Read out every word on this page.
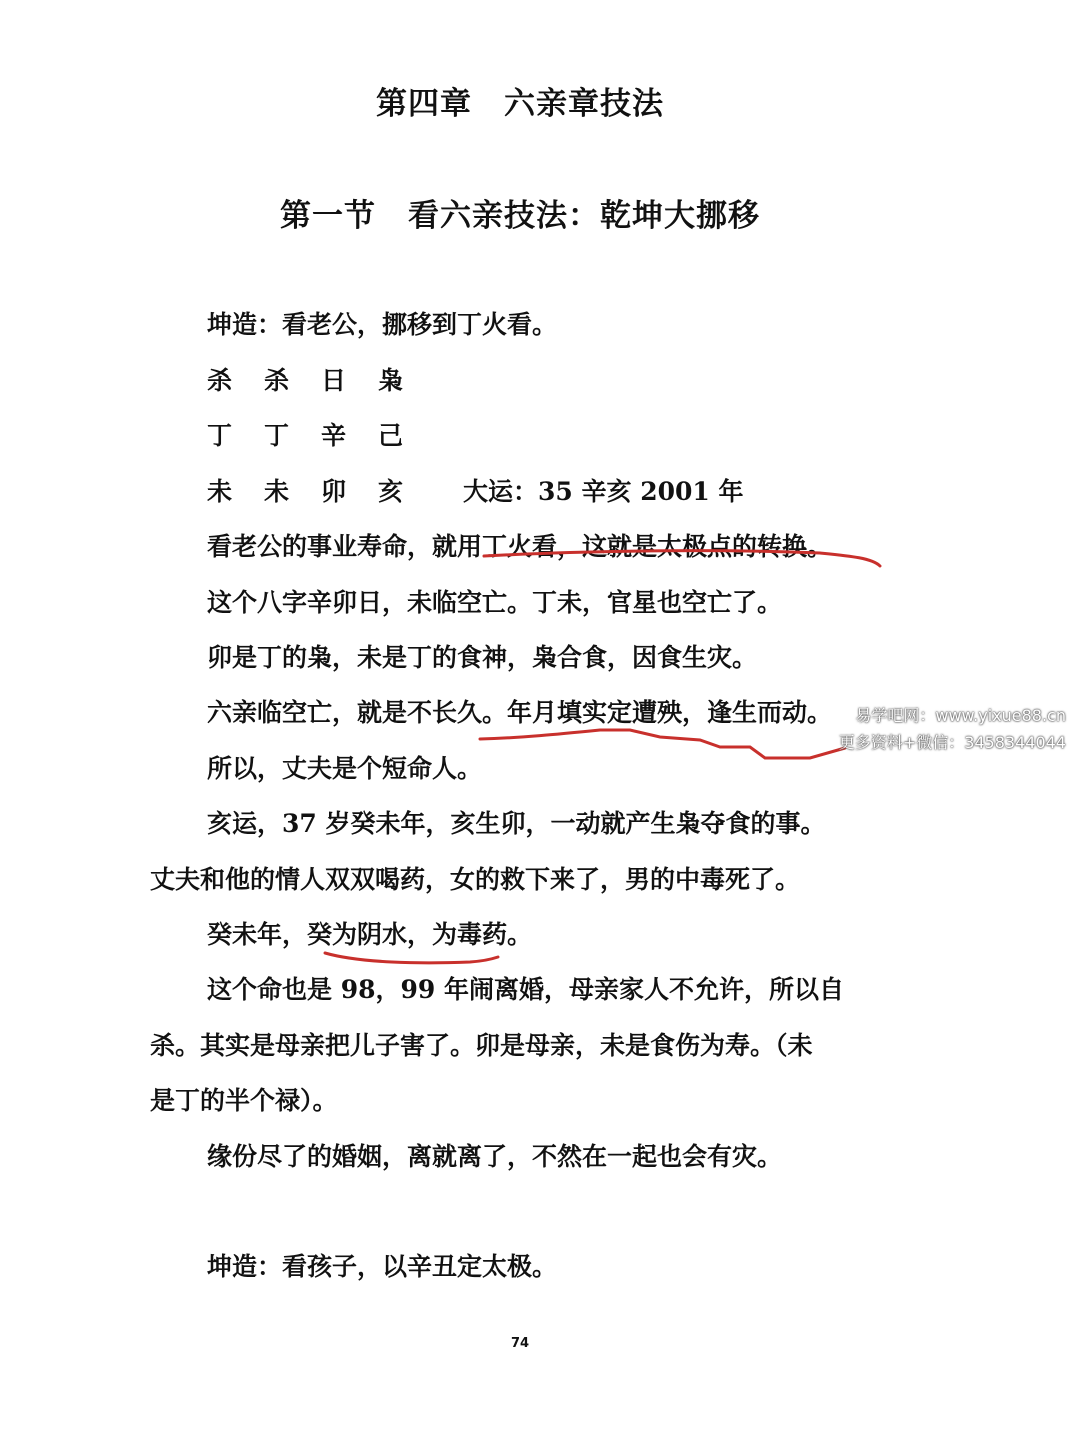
第四章　六亲章技法
第一节　看六亲技法：乾坤大挪移
坤造：看老公，挪移到丁火看。
杀 杀 日 枭
丁 丁 辛 己
未 未 卯 亥 大运：35 辛亥 2001 年
看老公的事业寿命，就用丁火看，这就是太极点的转换。
这个八字辛卯日，未临空亡。丁未，官星也空亡了。
卯是丁的枭，未是丁的食神，枭合食，因食生灾。
六亲临空亡，就是不长久。年月填实定遭殃，逢生而动。
所以，丈夫是个短命人。
亥运，37 岁癸未年，亥生卯，一动就产生枭夺食的事。
丈夫和他的情人双双喝药，女的救下来了，男的中毒死了。
癸未年，癸为阴水，为毒药。
这个命也是 98，99 年闹离婚，母亲家人不允许，所以自
杀。其实是母亲把儿子害了。卯是母亲，未是食伤为寿。（未
是丁的半个禄）。
缘份尽了的婚姻，离就离了，不然在一起也会有灾。
坤造：看孩子，以辛丑定太极。
74
易学吧网：www.yixue88.cn
更多资料+微信：3458344044
